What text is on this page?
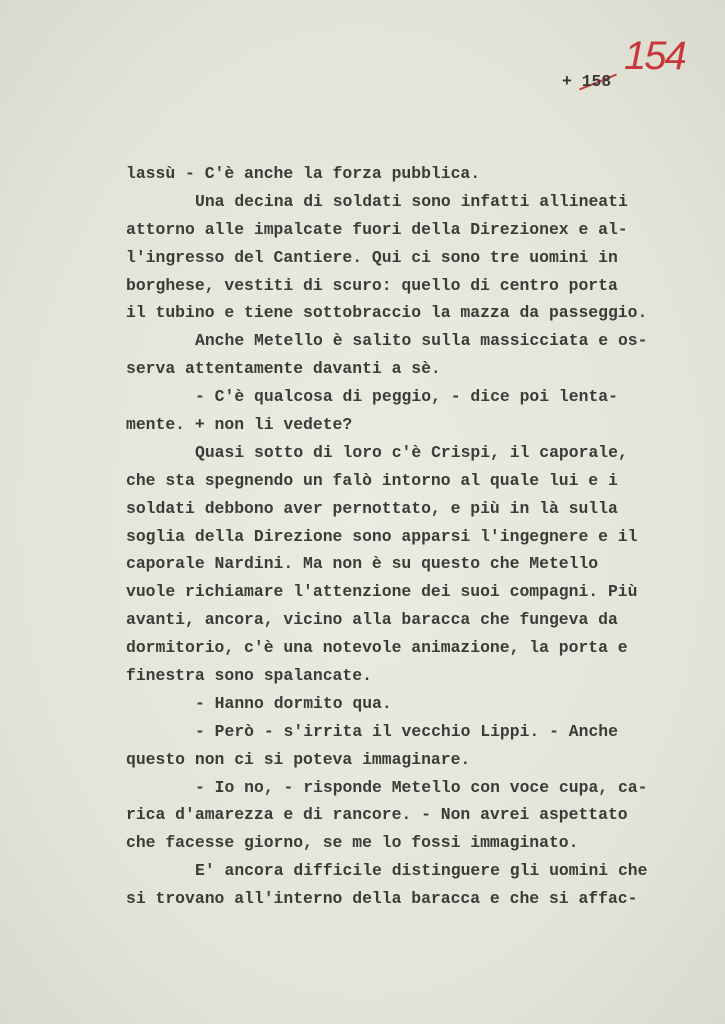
+ 158
154
lassù - C'è anche la forza pubblica.
Una decina di soldati sono infatti allineati
attorno alle impalcate fuori della Direzionex e al-
l'ingresso del Cantiere. Qui ci sono tre uomini in
borghese, vestiti di scuro: quello di centro porta
il tubino e tiene sottobraccio la mazza da passeggio.
Anche Metello è salito sulla massicciata e os-
serva attentamente davanti a sè.
- C'è qualcosa di peggio, - dice poi lenta-
mente. + non li vedete?
Quasi sotto di loro c'è Crispi, il caporale,
che sta spegnendo un falò intorno al quale lui e i
soldati debbono aver pernottato, e più in là sulla
soglia della Direzione sono apparsi l'ingegnere e il
caporale Nardini. Ma non è su questo che Metello
vuole richiamare l'attenzione dei suoi compagni. Più
avanti, ancora, vicino alla baracca che fungeva da
dormitorio, c'è una notevole animazione, la porta e
finestra sono spalancate.
- Hanno dormito qua.
- Però - s'irrita il vecchio Lippi. - Anche
questo non ci si poteva immaginare.
- Io no, - risponde Metello con voce cupa, ca-
rica d'amarezza e di rancore. - Non avrei aspettato
che facesse giorno, se me lo fossi immaginato.
E' ancora difficile distinguere gli uomini che
si trovano all'interno della baracca e che si affac-
